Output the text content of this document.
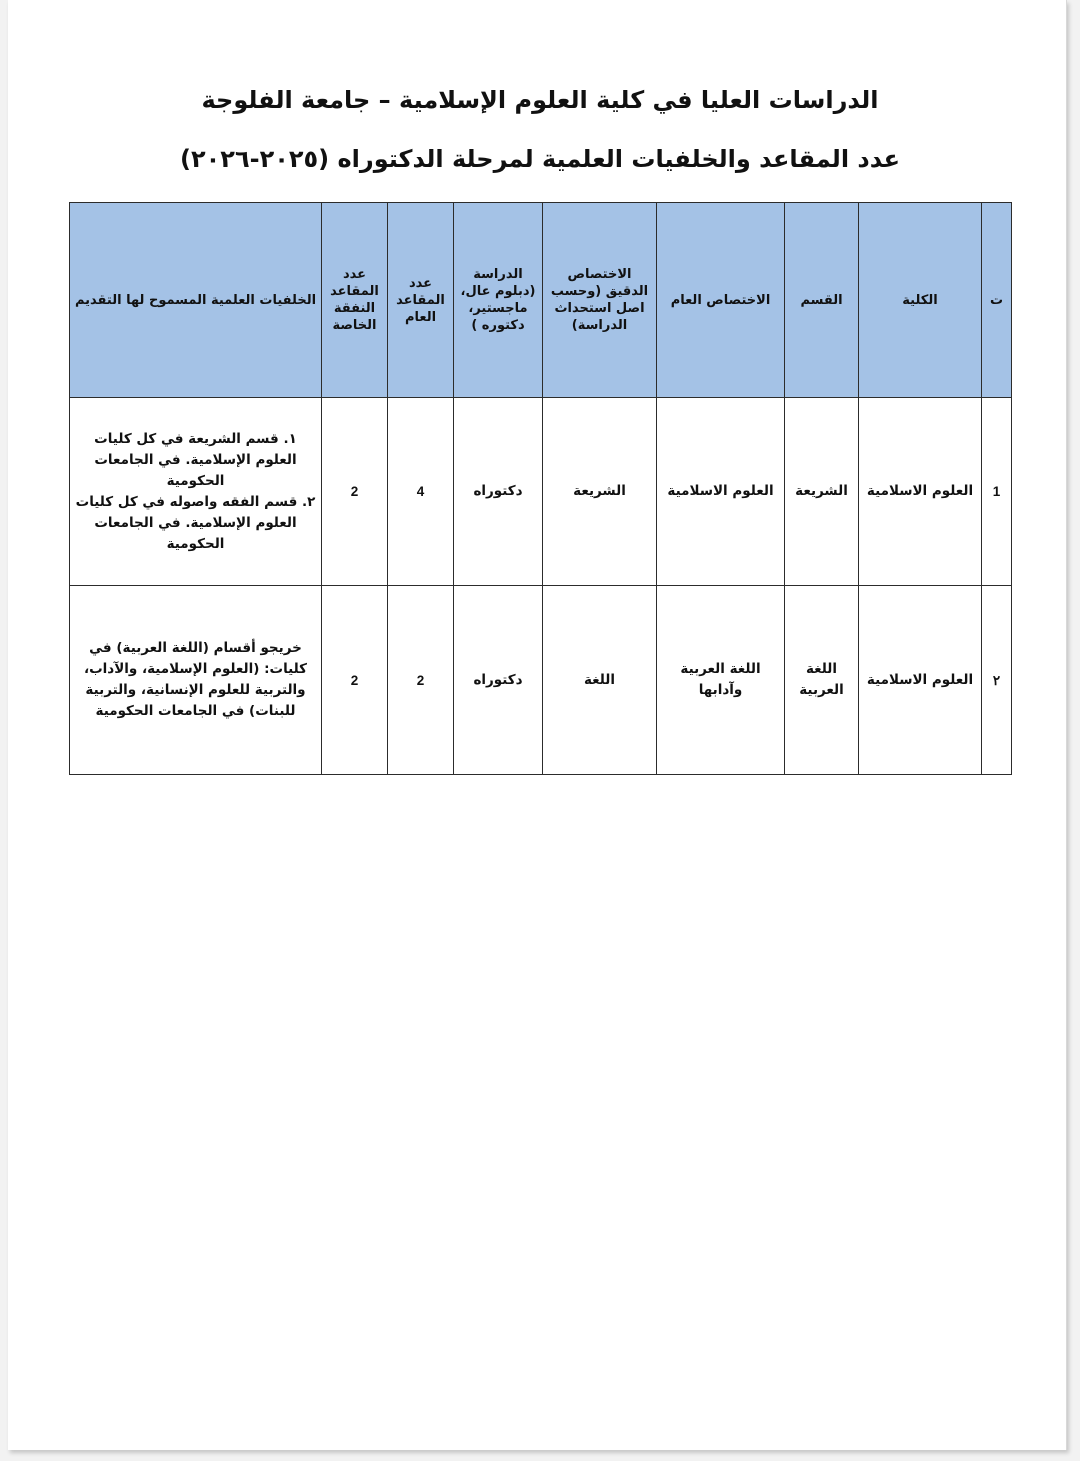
الدراسات العليا في كلية العلوم الإسلامية – جامعة الفلوجة
عدد المقاعد والخلفيات العلمية لمرحلة الدكتوراه (٢٠٢٥-٢٠٢٦)
ت	الكلية	القسم	الاختصاص العام	الاختصاص الدقيق (وحسب اصل استحداث الدراسة)	الدراسة (دبلوم عال، ماجستير، دكتوره )	عدد المقاعد العام	عدد المقاعد النفقة الخاصة	الخلفيات العلمية المسموح لها التقديم
1	العلوم الاسلامية	الشريعة	العلوم الاسلامية	الشريعة	دكتوراه	4	2	١. قسم الشريعة في كل كليات العلوم الإسلامية. في الجامعات الحكومية
٢. قسم الفقه واصوله في كل كليات العلوم الإسلامية. في الجامعات الحكومية
٢	العلوم الاسلامية	اللغة العربية	اللغة العربية وآدابها	اللغة	دكتوراه	2	2	خريجو أقسام (اللغة العربية) في كليات: (العلوم الإسلامية، والآداب، والتربية للعلوم الإنسانية، والتربية للبنات) في الجامعات الحكومية
